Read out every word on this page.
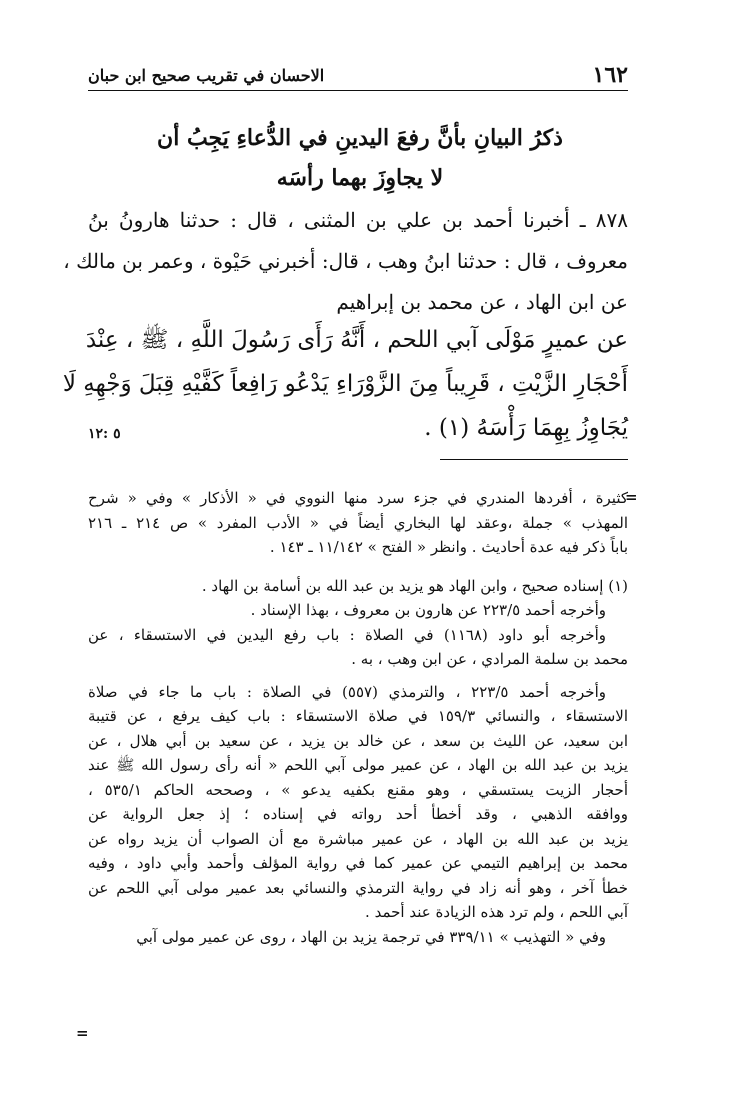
١٦٢
الاحسان في تقريب صحيح ابن حبان
ذكرُ البيانِ بأنَّ رفعَ اليدينِ في الدُّعاءِ يَجِبُ أن
لا يجاوِزَ بهما رأسَه
٨٧٨ ـ أخبرنا أحمد بن علي بن المثنى ، قال : حدثنا هارونُ بنُ
معروف ، قال : حدثنا ابنُ وهب ، قال: أخبرني حَيْوة ، وعمر بن مالك ،
عن ابن الهاد ، عن محمد بن إبراهيم
عن عميرٍ مَوْلَى آبي اللحم ، أَنَّهُ رَأَى رَسُولَ اللَّهِ ، ﷺ ، عِنْدَ
أَحْجَارِ الزَّيْتِ ، قَرِيباً مِنَ الزَّوْرَاءِ يَدْعُو رَافِعاً كَفَّيْهِ قِبَلَ وَجْهِهِ لَا
يُجَاوِزُ بِهِمَا رَأْسَهُ (١) .
٥ :١٢
=
كثيرة ، أفردها المندري في جزء سرد منها النووي في « الأذكار » وفي « شرح
المهذب » جملة ،وعقد لها البخاري أيضاً في « الأدب المفرد » ص ٢١٤ ـ ٢١٦
باباً ذكر فيه عدة أحاديث . وانظر « الفتح » ١١/١٤٢ ـ ١٤٣ .
(١) إسناده صحيح ، وابن الهاد هو يزيد بن عبد الله بن أسامة بن الهاد .
وأخرجه أحمد ٢٢٣/٥ عن هارون بن معروف ، بهذا الإسناد .
وأخرجه أبو داود (١١٦٨) في الصلاة : باب رفع اليدين في الاستسقاء ، عن
محمد بن سلمة المرادي ، عن ابن وهب ، به .
وأخرجه أحمد ٢٢٣/٥ ، والترمذي (٥٥٧) في الصلاة : باب ما جاء في صلاة
الاستسقاء ، والنسائي ١٥٩/٣ في صلاة الاستسقاء : باب كيف يرفع ، عن قتيبة
ابن سعيد، عن الليث بن سعد ، عن خالد بن يزيد ، عن سعيد بن أبي هلال ، عن
يزيد بن عبد الله بن الهاد ، عن عمير مولى آبي اللحم « أنه رأى رسول الله ﷺ عند
أحجار الزيت يستسقي ، وهو مقنع بكفيه يدعو » ، وصححه الحاكم ٥٣٥/١ ،
ووافقه الذهبي ، وقد أخطأ أحد رواته في إسناده ؛ إذ جعل الرواية عن
يزيد بن عبد الله بن الهاد ، عن عمير مباشرة مع أن الصواب أن يزيد رواه عن
محمد بن إبراهيم التيمي عن عمير كما في رواية المؤلف وأحمد وأبي داود ، وفيه
خطأ آخر ، وهو أنه زاد في رواية الترمذي والنسائي بعد عمير مولى آبي اللحم عن
آبي اللحم ، ولم ترد هذه الزيادة عند أحمد .
وفي « التهذيب » ٣٣٩/١١ في ترجمة يزيد بن الهاد ، روى عن عمير مولى آبي
=
